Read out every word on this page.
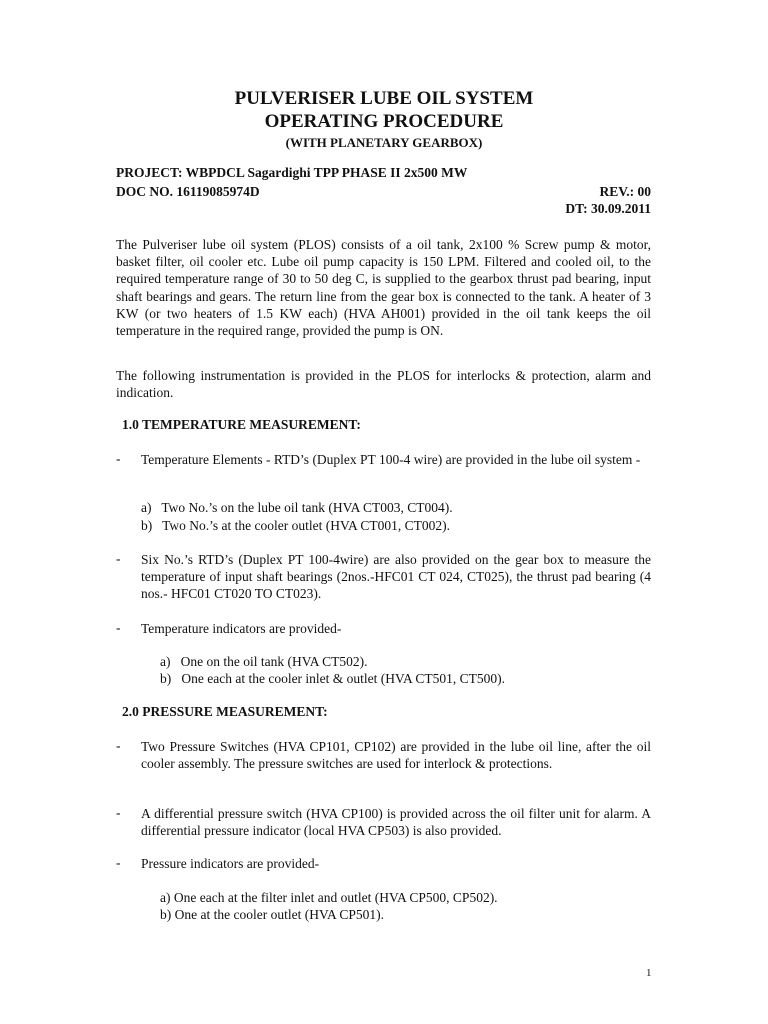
PULVERISER LUBE OIL SYSTEM
OPERATING PROCEDURE
(WITH PLANETARY GEARBOX)
PROJECT: WBPDCL Sagardighi TPP PHASE II 2x500 MW
DOC NO. 16119085974D	REV.: 00
DT: 30.09.2011
The Pulveriser lube oil system (PLOS) consists of a oil tank, 2x100 % Screw pump & motor, basket filter, oil cooler etc. Lube oil pump capacity is 150 LPM. Filtered and cooled oil, to the required temperature range of 30 to 50 deg C, is supplied to the gearbox thrust pad bearing, input shaft bearings and gears. The return line from the gear box is connected to the tank. A heater of 3 KW (or two heaters of 1.5 KW each) (HVA AH001) provided in the oil tank keeps the oil temperature in the required range, provided the pump is ON.
The following instrumentation is provided in the PLOS for interlocks & protection, alarm and indication.
1.0 TEMPERATURE MEASUREMENT:
- Temperature Elements - RTD’s (Duplex PT 100-4 wire) are provided in the lube oil system -
a)  Two No.’s on the lube oil tank (HVA CT003, CT004).
b)  Two No.’s at the cooler outlet (HVA CT001, CT002).
- Six No.’s RTD’s (Duplex PT 100-4wire) are also provided on the gear box to measure the temperature of input shaft bearings (2nos.-HFC01 CT 024, CT025), the thrust pad bearing (4 nos.- HFC01 CT020 TO CT023).
- Temperature indicators are provided-
a)  One on the oil tank (HVA CT502).
b)  One each at the cooler inlet & outlet (HVA CT501, CT500).
2.0 PRESSURE MEASUREMENT:
- Two Pressure Switches (HVA CP101, CP102) are provided in the lube oil line, after the oil cooler assembly. The pressure switches are used for interlock & protections.
- A differential pressure switch (HVA CP100) is provided across the oil filter unit for alarm. A differential pressure indicator (local HVA CP503) is also provided.
- Pressure indicators are provided-
a) One each at the filter inlet and outlet (HVA CP500, CP502).
b) One at the cooler outlet (HVA CP501).
1
